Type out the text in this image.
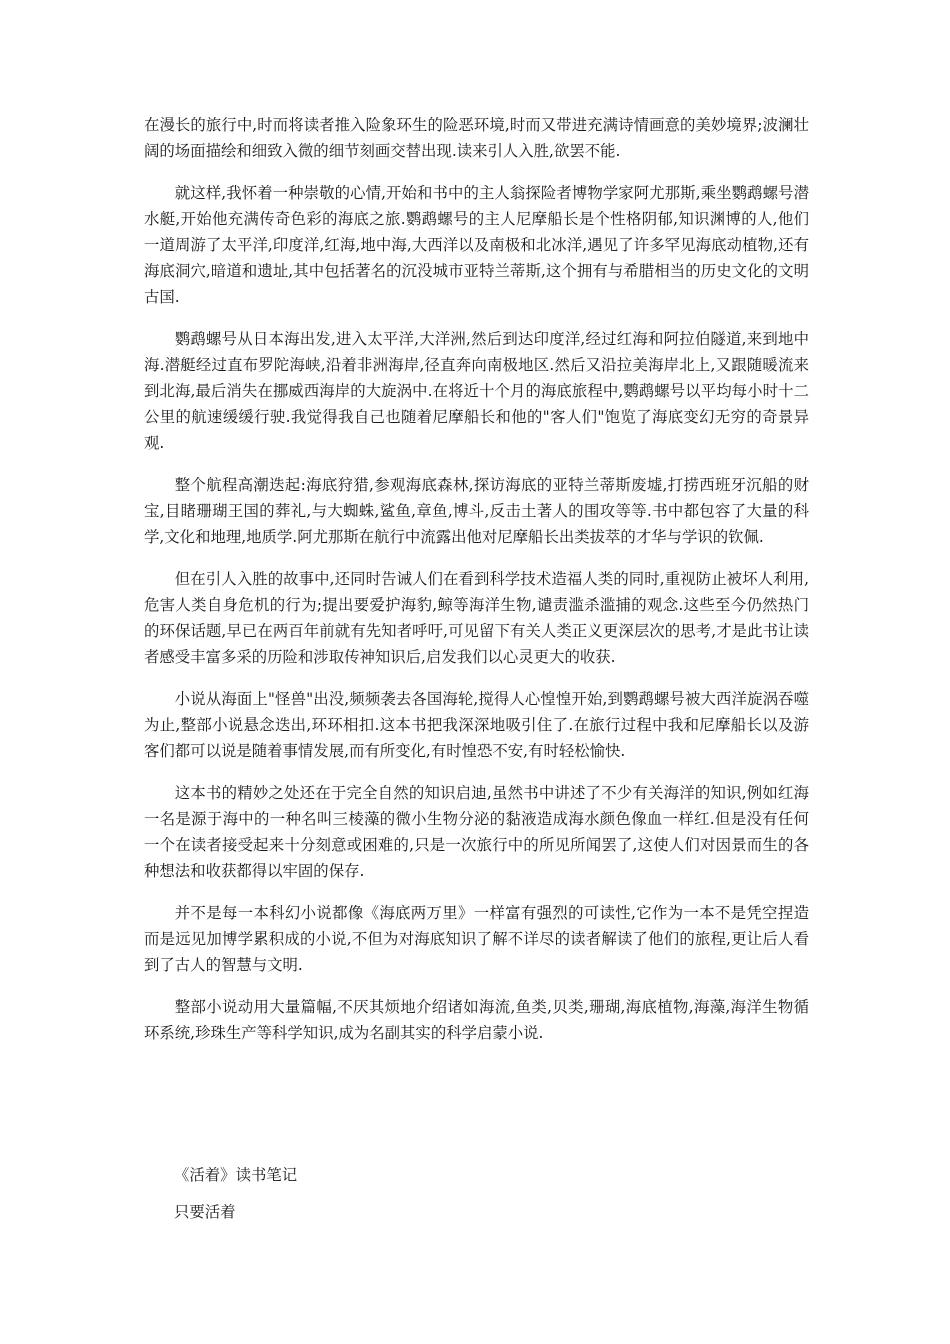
在漫长的旅行中,时而将读者推入险象环生的险恶环境,时而又带进充满诗情画意的美妙境界;波澜壮阔的场面描绘和细致入微的细节刻画交替出现.读来引人入胜,欲罢不能.

就这样,我怀着一种崇敬的心情,开始和书中的主人翁探险者博物学家阿尤那斯,乘坐鹦鹉螺号潜水艇,开始他充满传奇色彩的海底之旅.鹦鹉螺号的主人尼摩船长是个性格阴郁,知识渊博的人,他们一道周游了太平洋,印度洋,红海,地中海,大西洋以及南极和北冰洋,遇见了许多罕见海底动植物,还有海底洞穴,暗道和遗址,其中包括著名的沉没城市亚特兰蒂斯,这个拥有与希腊相当的历史文化的文明古国.

鹦鹉螺号从日本海出发,进入太平洋,大洋洲,然后到达印度洋,经过红海和阿拉伯隧道,来到地中海.潜艇经过直布罗陀海峡,沿着非洲海岸,径直奔向南极地区.然后又沿拉美海岸北上,又跟随暖流来到北海,最后消失在挪威西海岸的大旋涡中.在将近十个月的海底旅程中,鹦鹉螺号以平均每小时十二公里的航速缓缓行驶.我觉得我自己也随着尼摩船长和他的"客人们"饱览了海底变幻无穷的奇景异观.

整个航程高潮迭起:海底狩猎,参观海底森林,探访海底的亚特兰蒂斯废墟,打捞西班牙沉船的财宝,目睹珊瑚王国的葬礼,与大蜘蛛,鲨鱼,章鱼,博斗,反击土著人的围攻等等.书中都包容了大量的科学,文化和地理,地质学.阿尤那斯在航行中流露出他对尼摩船长出类拔萃的才华与学识的钦佩.

但在引人入胜的故事中,还同时告诫人们在看到科学技术造福人类的同时,重视防止被坏人利用,危害人类自身危机的行为;提出要爱护海豹,鲸等海洋生物,谴责滥杀滥捕的观念.这些至今仍然热门的环保话题,早已在两百年前就有先知者呼吁,可见留下有关人类正义更深层次的思考,才是此书让读者感受丰富多采的历险和涉取传神知识后,启发我们以心灵更大的收获.

小说从海面上"怪兽"出没,频频袭去各国海轮,搅得人心惶惶开始,到鹦鹉螺号被大西洋旋涡吞噬为止,整部小说悬念迭出,环环相扣.这本书把我深深地吸引住了.在旅行过程中我和尼摩船长以及游客们都可以说是随着事情发展,而有所变化,有时惶恐不安,有时轻松愉快.

这本书的精妙之处还在于完全自然的知识启迪,虽然书中讲述了不少有关海洋的知识,例如红海一名是源于海中的一种名叫三棱藻的微小生物分泌的黏液造成海水颜色像血一样红.但是没有任何一个在读者接受起来十分刻意或困难的,只是一次旅行中的所见所闻罢了,这使人们对因景而生的各种想法和收获都得以牢固的保存.

并不是每一本科幻小说都像《海底两万里》一样富有强烈的可读性,它作为一本不是凭空捏造而是远见加博学累积成的小说,不但为对海底知识了解不详尽的读者解读了他们的旅程,更让后人看到了古人的智慧与文明.

整部小说动用大量篇幅,不厌其烦地介绍诸如海流,鱼类,贝类,珊瑚,海底植物,海藻,海洋生物循环系统,珍珠生产等科学知识,成为名副其实的科学启蒙小说.

《活着》读书笔记

只要活着
